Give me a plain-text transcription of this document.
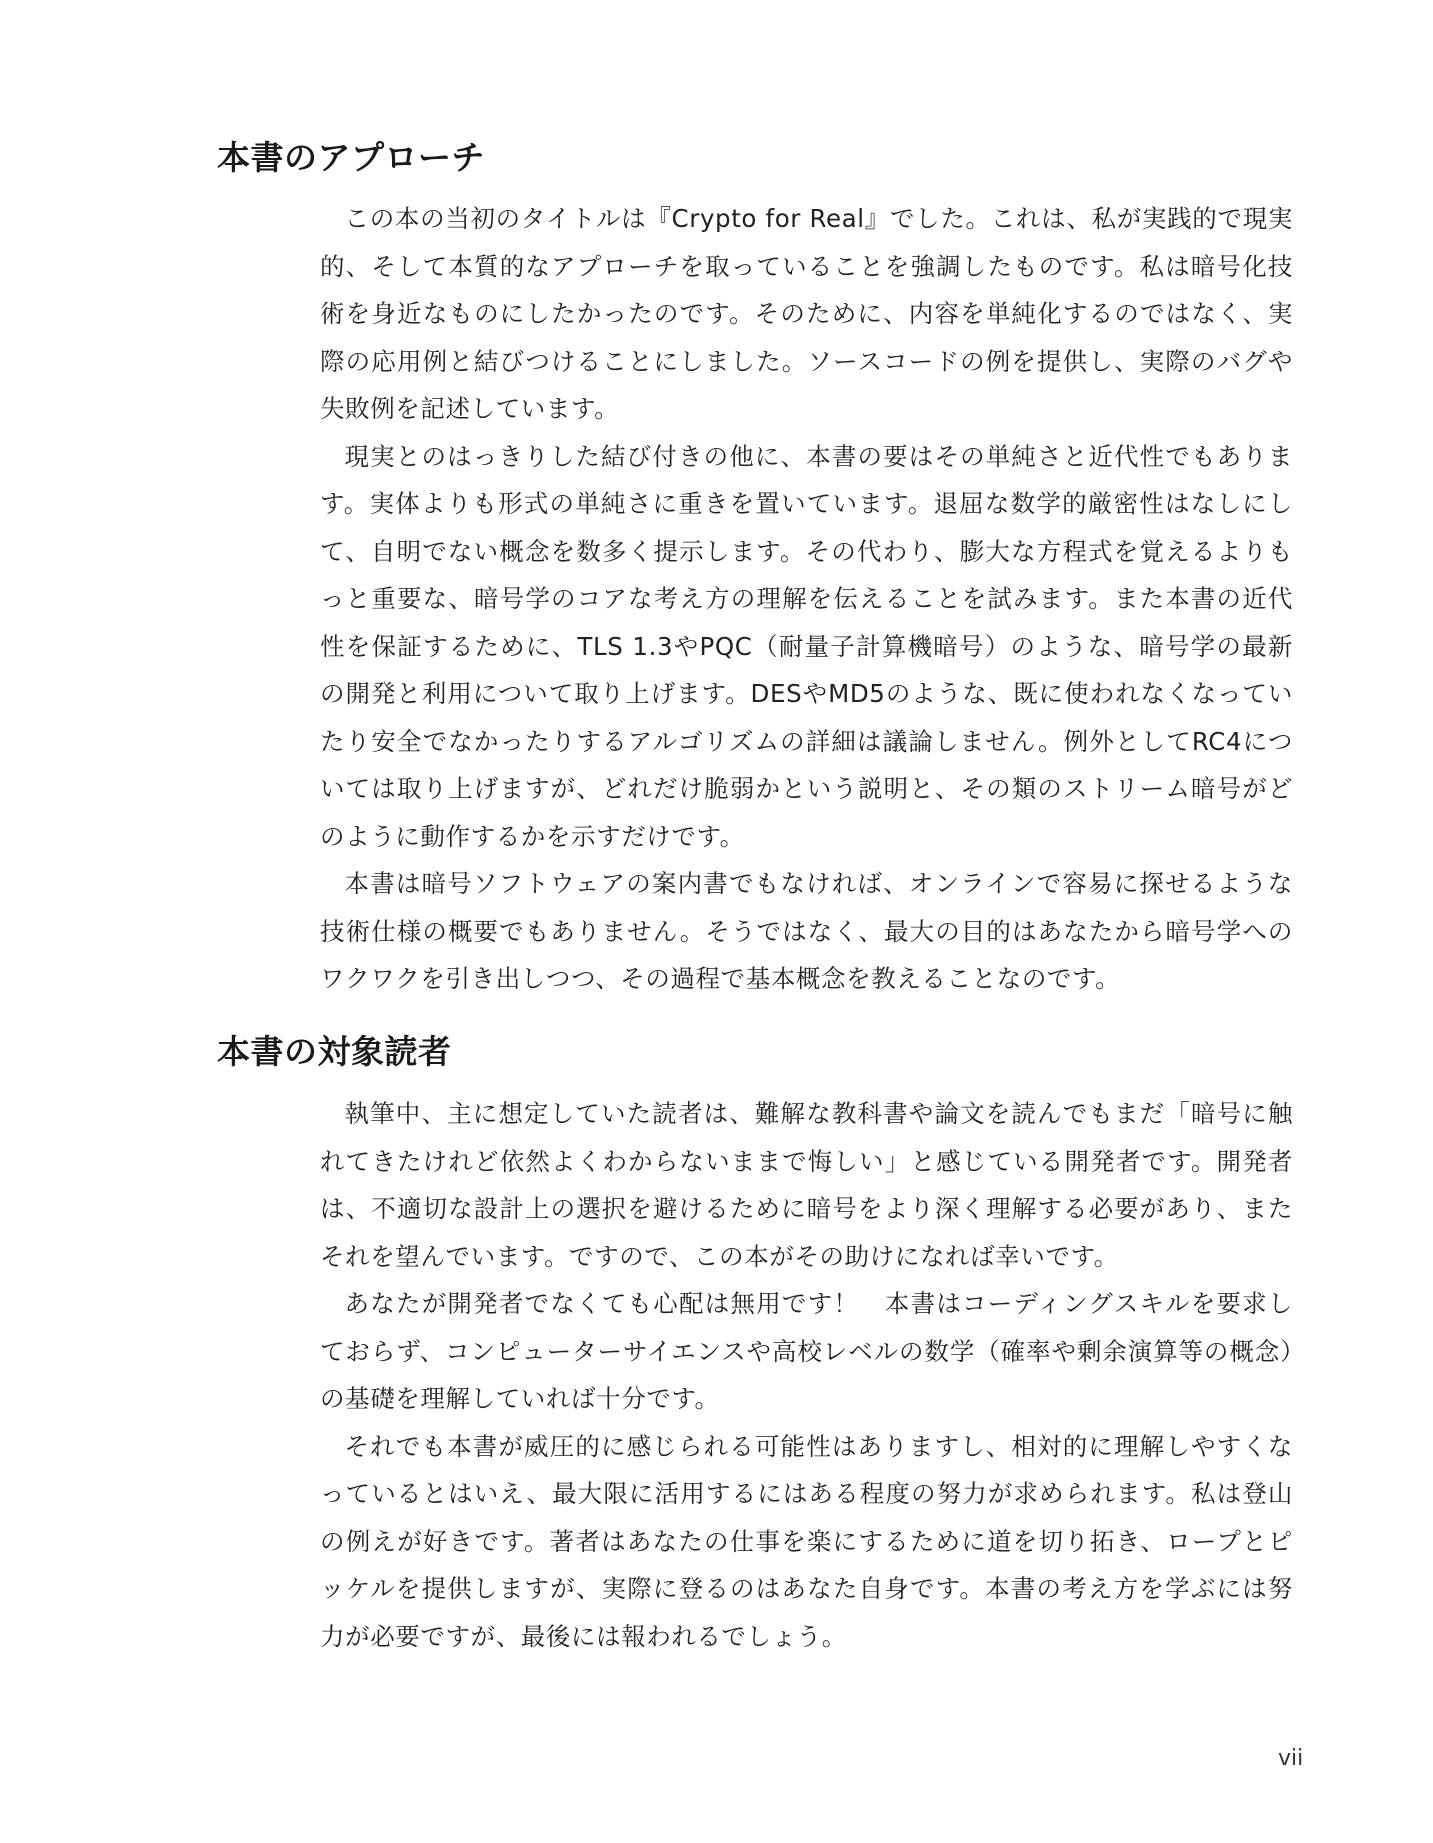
本書のアプローチ

この本の当初のタイトルは『Crypto for Real』でした。これは、私が実践的で現実的、そして本質的なアプローチを取っていることを強調したものです。私は暗号化技術を身近なものにしたかったのです。そのために、内容を単純化するのではなく、実際の応用例と結びつけることにしました。ソースコードの例を提供し、実際のバグや失敗例を記述しています。

現実とのはっきりした結び付きの他に、本書の要はその単純さと近代性でもあります。実体よりも形式の単純さに重きを置いています。退屈な数学的厳密性はなしにして、自明でない概念を数多く提示します。その代わり、膨大な方程式を覚えるよりもっと重要な、暗号学のコアな考え方の理解を伝えることを試みます。また本書の近代性を保証するために、TLS 1.3やPQC（耐量子計算機暗号）のような、暗号学の最新の開発と利用について取り上げます。DESやMD5のような、既に使われなくなっていたり安全でなかったりするアルゴリズムの詳細は議論しません。例外としてRC4については取り上げますが、どれだけ脆弱かという説明と、その類のストリーム暗号がどのように動作するかを示すだけです。

本書は暗号ソフトウェアの案内書でもなければ、オンラインで容易に探せるような技術仕様の概要でもありません。そうではなく、最大の目的はあなたから暗号学へのワクワクを引き出しつつ、その過程で基本概念を教えることなのです。

本書の対象読者

執筆中、主に想定していた読者は、難解な教科書や論文を読んでもまだ「暗号に触れてきたけれど依然よくわからないままで悔しい」と感じている開発者です。開発者は、不適切な設計上の選択を避けるために暗号をより深く理解する必要があり、またそれを望んでいます。ですので、この本がその助けになれば幸いです。

あなたが開発者でなくても心配は無用です！　本書はコーディングスキルを要求しておらず、コンピューターサイエンスや高校レベルの数学（確率や剰余演算等の概念）の基礎を理解していれば十分です。

それでも本書が威圧的に感じられる可能性はありますし、相対的に理解しやすくなっているとはいえ、最大限に活用するにはある程度の努力が求められます。私は登山の例えが好きです。著者はあなたの仕事を楽にするために道を切り拓き、ロープとピッケルを提供しますが、実際に登るのはあなた自身です。本書の考え方を学ぶには努力が必要ですが、最後には報われるでしょう。

vii
